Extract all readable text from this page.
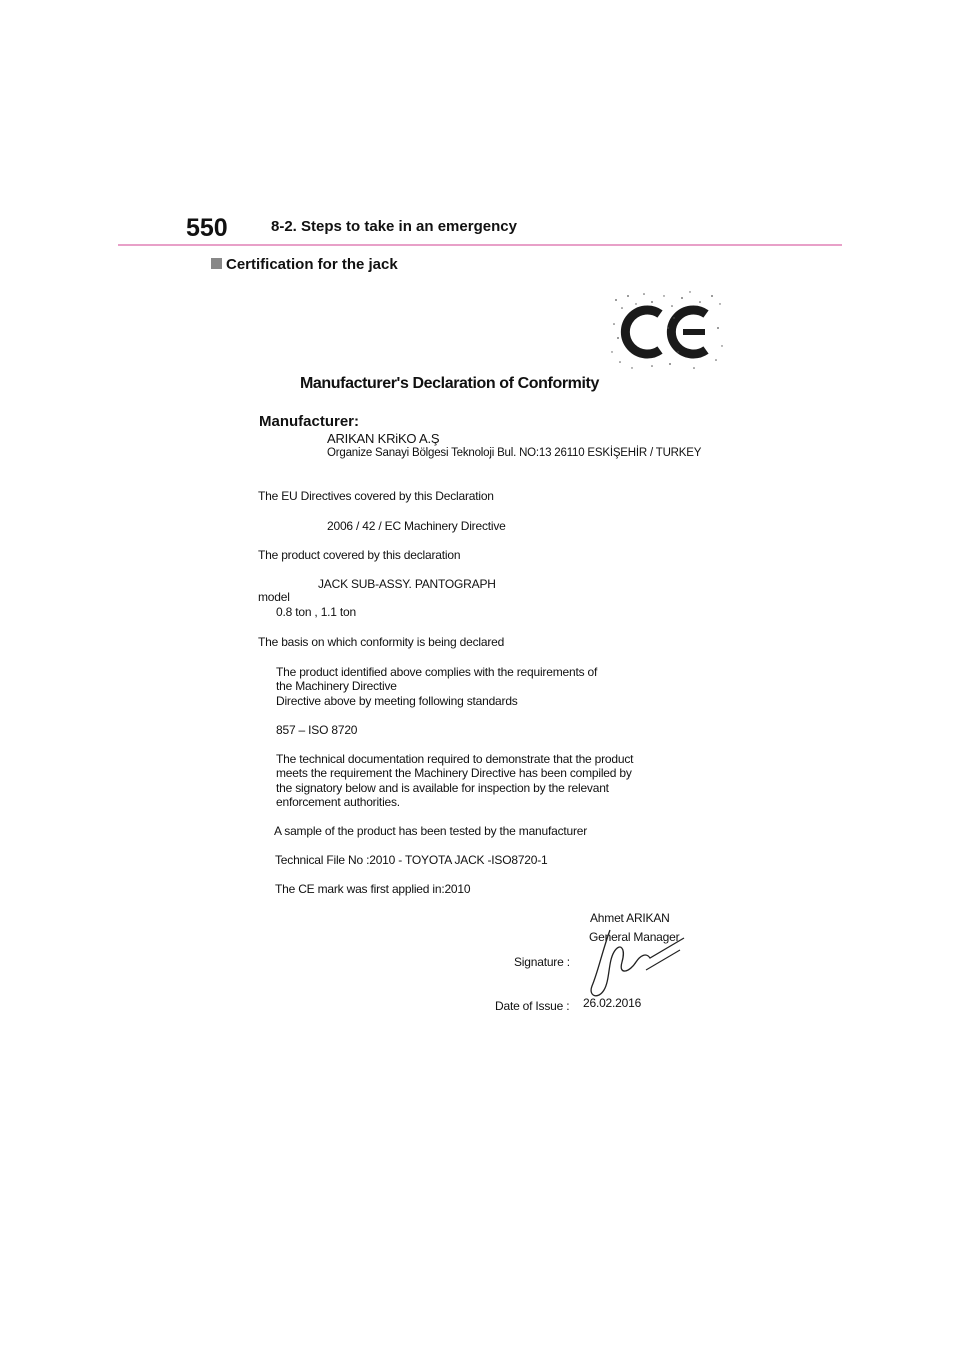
550	8-2. Steps to take in an emergency
Certification for the jack
Manufacturer's Declaration of Conformity
Manufacturer:
ARIKAN KRiKO A.Ş
Organize Sanayi Bölgesi Teknoloji Bul. NO:13 26110 ESKİŞEHİR / TURKEY
The EU Directives covered by this Declaration
2006 / 42 / EC Machinery Directive
The product covered by this declaration
JACK SUB-ASSY. PANTOGRAPH
model
0.8 ton , 1.1 ton
The basis on which conformity is being declared
The product identified above complies with the requirements of
the Machinery Directive
Directive above by meeting following standards
857 – ISO 8720
The technical documentation required to demonstrate that the product
meets the requirement the Machinery Directive has been compiled by
the signatory below and is available for inspection by the relevant
enforcement authorities.
A sample of the product has been tested by the manufacturer
Technical File No :2010 - TOYOTA JACK -ISO8720-1
The CE mark was first applied in:2010
Ahmet ARIKAN
General Manager
Signature :
Date of Issue : 26.02.2016
